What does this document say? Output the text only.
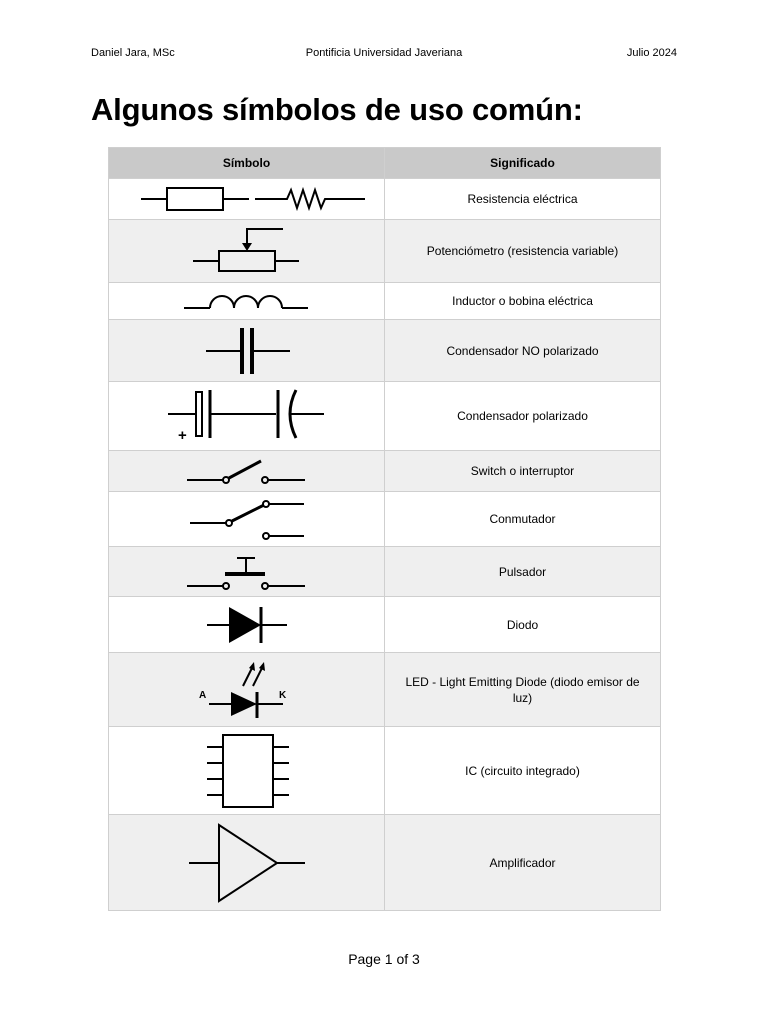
Daniel Jara, MSc	Pontificia Universidad Javeriana	Julio 2024
Algunos símbolos de uso común:
Símbolo	Significado

	Resistencia eléctrica

	Potenciómetro (resistencia variable)

	Inductor o bobina eléctrica

	Condensador NO polarizado

+	Condensador polarizado

	Switch o interruptor

	Conmutador

	Pulsador

	Diodo

A K	LED - Light Emitting Diode (diodo emisor de luz)

	IC (circuito integrado)

	Amplificador
Page 1 of 3
